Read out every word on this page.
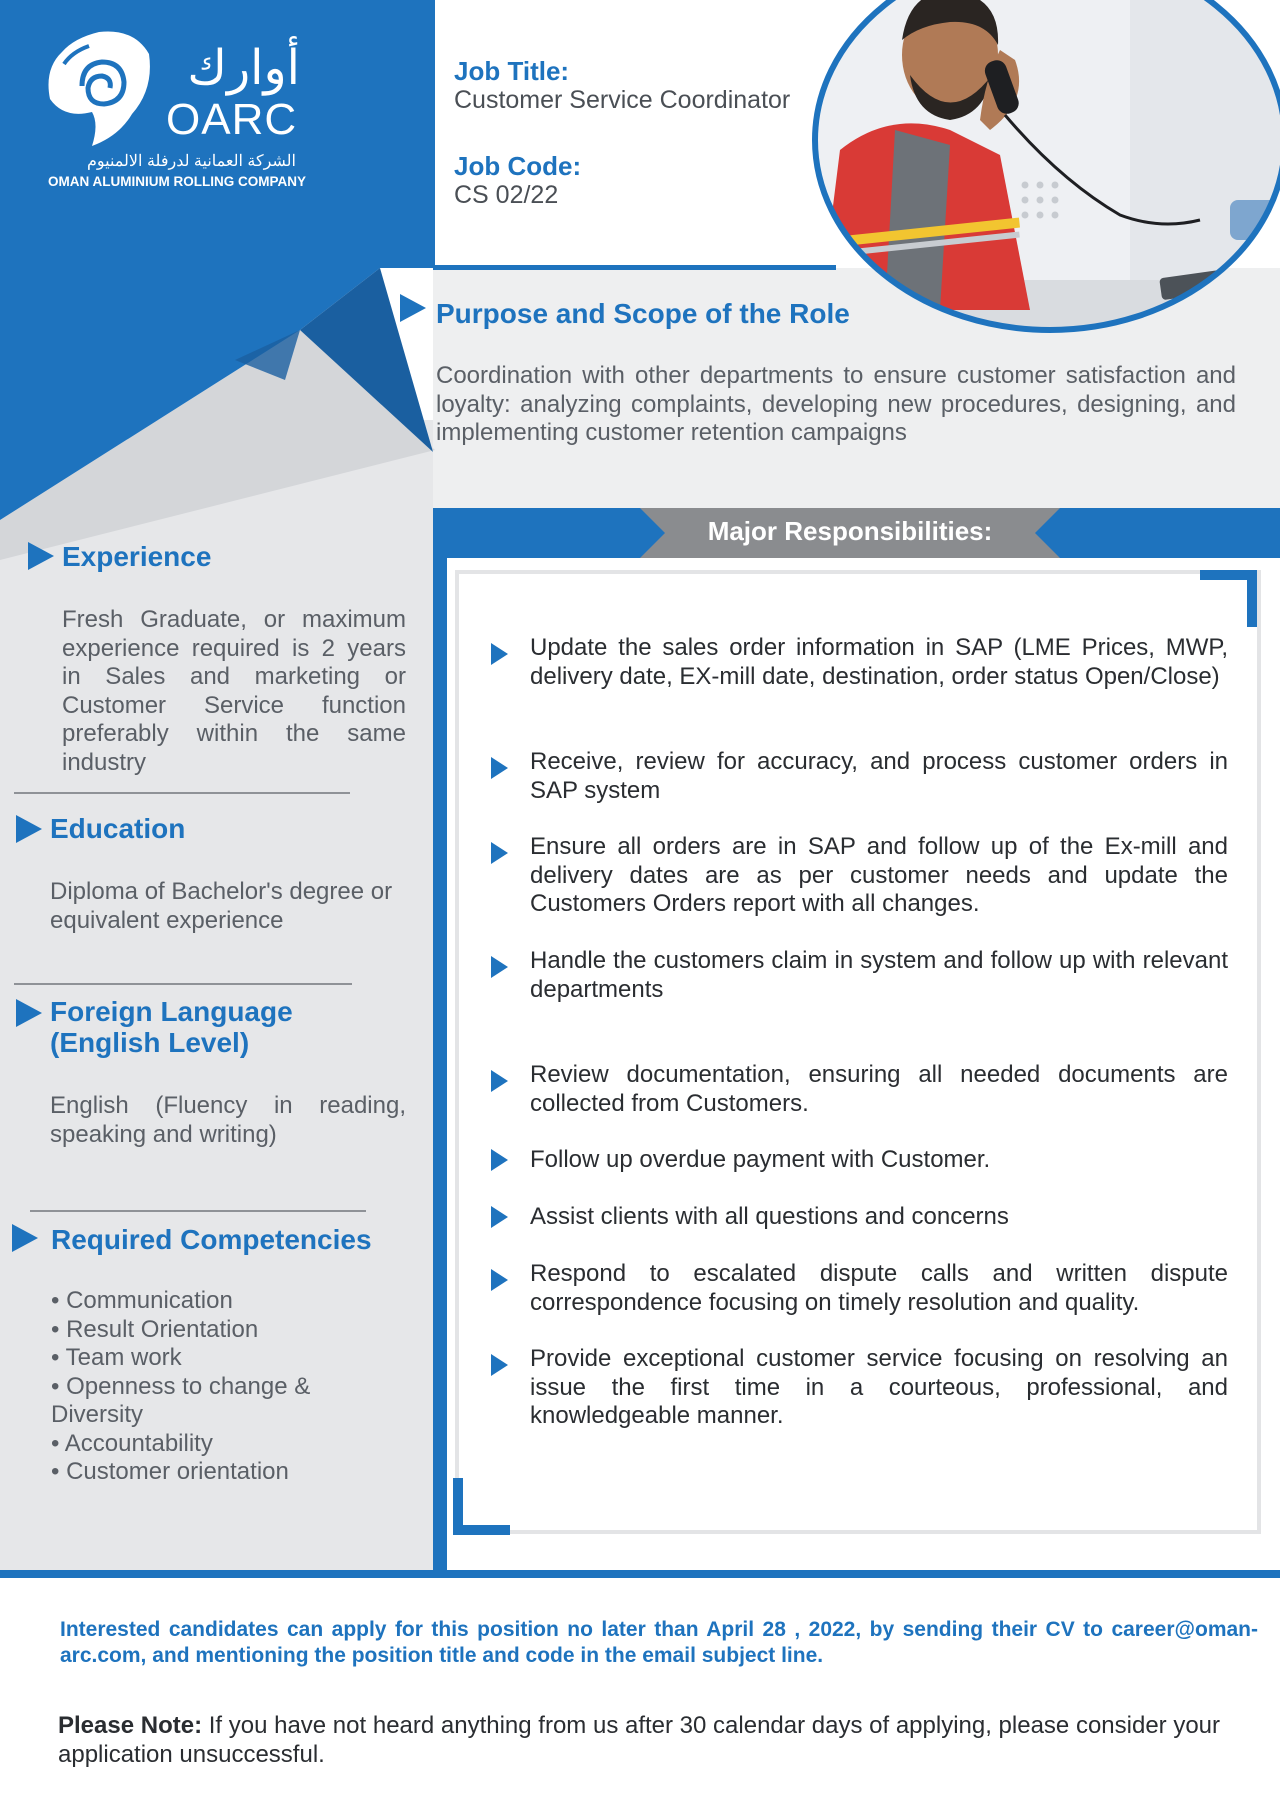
أوارك
OARC
الشركة العمانية لدرفلة الالمنيوم
OMAN ALUMINIUM ROLLING COMPANY
Job Title:
Customer Service Coordinator
Job Code:
CS 02/22
Purpose and Scope of the Role
Coordination with other departments to ensure customer satisfaction and loyalty: analyzing complaints, developing new procedures, designing, and implementing customer retention campaigns
Major Responsibilities:
Experience
Fresh Graduate, or maximum experience required is 2 years in Sales and marketing or Customer Service function preferably within the same industry
Education
Diploma of Bachelor's degree or equivalent experience
Foreign Language
(English Level)
English (Fluency in reading, speaking and writing)
Required Competencies
• Communication
• Result Orientation
• Team work
• Openness to change & Diversity
• Accountability
• Customer orientation
Update the sales order information in SAP (LME Prices, MWP, delivery date, EX-mill date, destination, order status Open/Close)
Receive, review for accuracy, and process customer orders in SAP system
Ensure all orders are in SAP and follow up of the Ex-mill and delivery dates are as per customer needs and update the Customers Orders report with all changes.
Handle the customers claim in system and follow up with relevant departments
Review documentation, ensuring all needed documents are collected from Customers.
Follow up overdue payment with Customer.
Assist clients with all questions and concerns
Respond to escalated dispute calls and written dispute correspondence focusing on timely resolution and quality.
Provide exceptional customer service focusing on resolving an issue the first time in a courteous, professional, and knowledgeable manner.
Interested candidates can apply for this position no later than April 28 , 2022, by sending their CV to career@oman-arc.com, and mentioning the position title and code in the email subject line.
Please Note: If you have not heard anything from us after 30 calendar days of applying, please consider your application unsuccessful.
